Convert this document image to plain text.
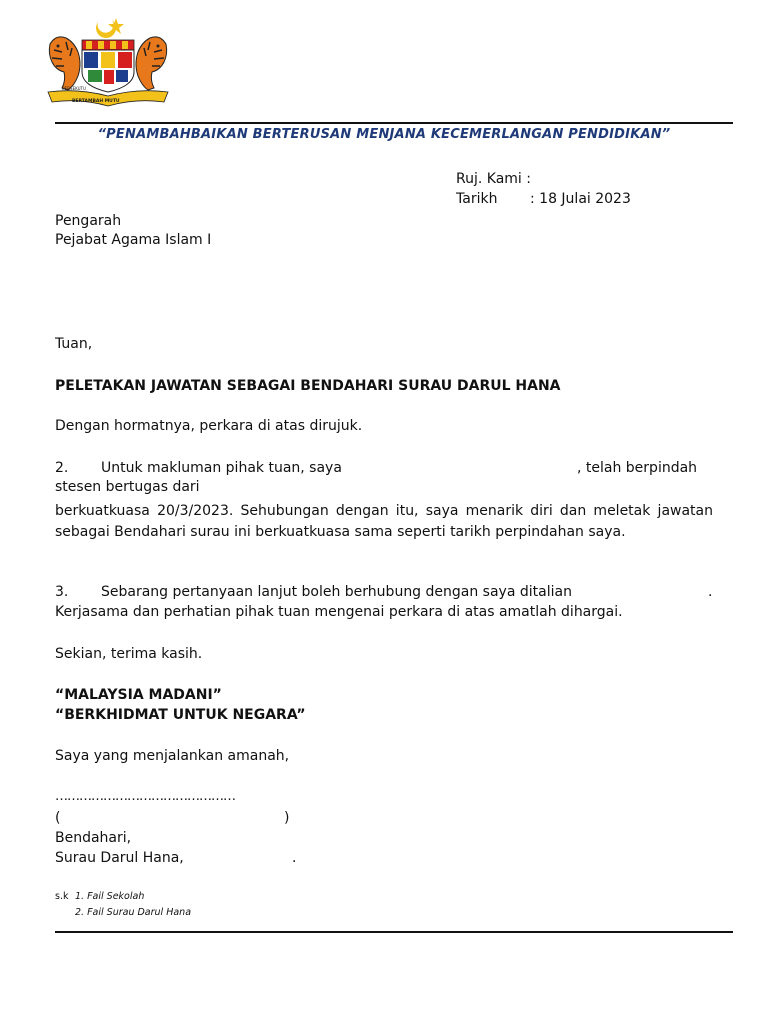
BERSEKUTU
BERTAMBAH MUTU
“PENAMBAHBAIKAN BERTERUSAN MENJANA KECEMERLANGAN PENDIDIKAN”
Ruj. Kami :
Tarikh : 18 Julai 2023
Pengarah
Pejabat Agama Islam I
Tuan,
PELETAKAN JAWATAN SEBAGAI BENDAHARI SURAU DARUL HANA
Dengan hormatnya, perkara di atas dirujuk.
2. Untuk makluman pihak tuan, saya	, telah berpindah
stesen bertugas dari
berkuatkuasa 20/3/2023. Sehubungan dengan itu, saya menarik diri dan meletak jawatan sebagai Bendahari surau ini berkuatkuasa sama seperti tarikh perpindahan saya.
3. Sebarang pertanyaan lanjut boleh berhubung dengan saya ditalian	.
Kerjasama dan perhatian pihak tuan mengenai perkara di atas amatlah dihargai.
Sekian, terima kasih.
“MALAYSIA MADANI”
“BERKHIDMAT UNTUK NEGARA”
Saya yang menjalankan amanah,
………………………………………
(	)
Bendahari,
Surau Darul Hana,	.
s.k 1. Fail Sekolah
2. Fail Surau Darul Hana
